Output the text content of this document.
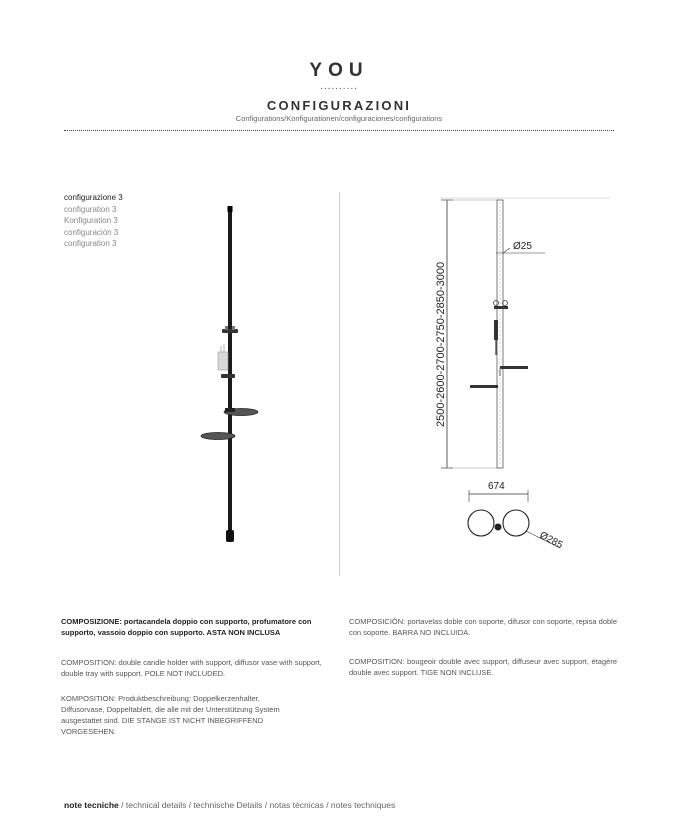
YOU
..........
CONFIGURAZIONI
Configurations/Konfigurationen/configuraciones/configurations
configurazione 3
configuration 3
Konfiguration 3
configuración 3
configuration 3	Ø25
2500-2600-2700-2750-2850-3000
674
Ø285
COMPOSIZIONE: portacandela doppio con supporto, profumatore con supporto, vassoio doppio con supporto. ASTA NON INCLUSA
COMPOSITION: double candle holder with support, diffusor vase with support, double tray with support. POLE NOT INCLUDED.
KOMPOSITION: Produktbeschreibung: Doppelkerzenhalter, Diffusorvase, Doppeltablett, die alle mit der Unterstützung System ausgestattet sind. DIE STANGE IST NICHT INBEGRIFFEND VORGESEHEN.
COMPOSICIÓN: portavelas doble con soporte, difusor con soporte, repisa doble con soporte. BARRA NO INCLUIDA.
COMPOSITION: bougeoir double avec support, diffuseur avec support, étagère double avec support. TIGE NON INCLUSE.
note tecniche / technical details / technische Details / notas técnicas / notes techniques
